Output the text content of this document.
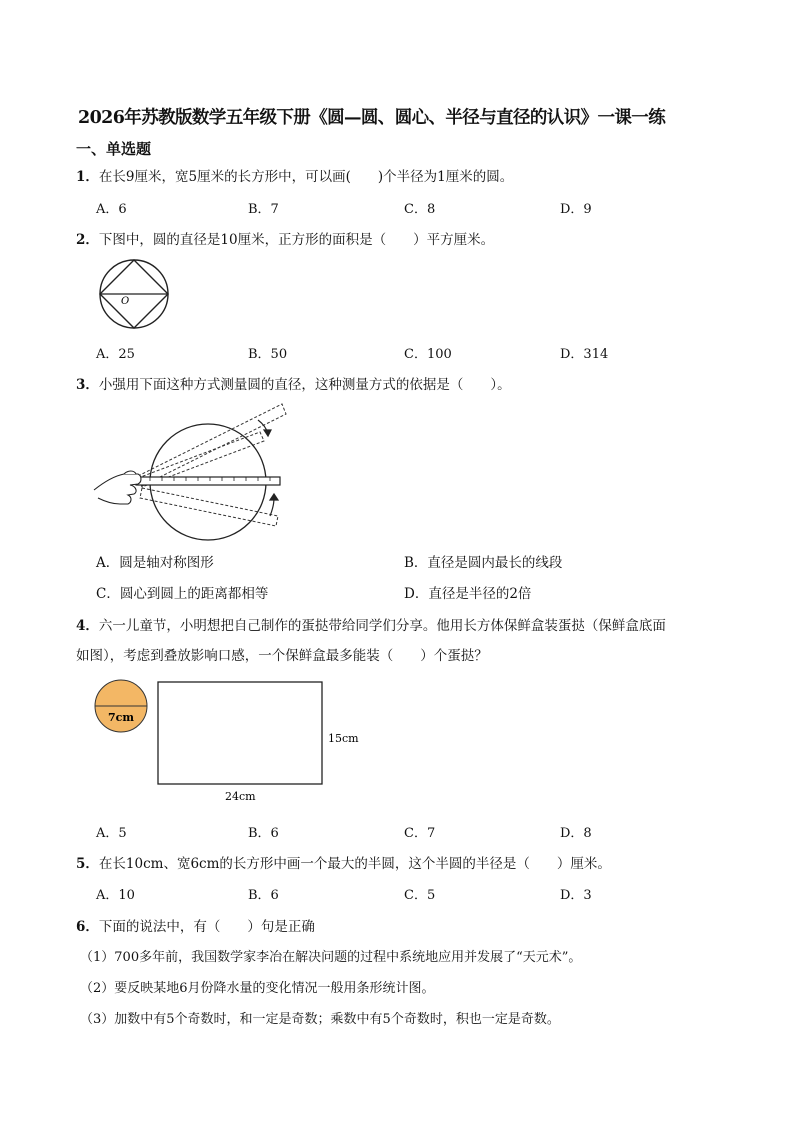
2026年苏教版数学五年级下册《圆—圆、圆心、半径与直径的认识》一课一练
一、单选题
1．在长9厘米，宽5厘米的长方形中，可以画(　　)个半径为1厘米的圆。
A．6	B．7	C．8	D．9
2．下图中，圆的直径是10厘米，正方形的面积是（　　）平方厘米。
O
A．25	B．50	C．100	D．314
3．小强用下面这种方式测量圆的直径，这种测量方式的依据是（　　）。
A．圆是轴对称图形	B．直径是圆内最长的线段
C．圆心到圆上的距离都相等	D．直径是半径的2倍
4．六一儿童节，小明想把自己制作的蛋挞带给同学们分享。他用长方体保鲜盒装蛋挞（保鲜盒底面
如图），考虑到叠放影响口感，一个保鲜盒最多能装（　　）个蛋挞？
7cm
15cm
24cm
A．5	B．6	C．7	D．8
5．在长10cm、宽6cm的长方形中画一个最大的半圆，这个半圆的半径是（　　）厘米。
A．10	B．6	C．5	D．3
6．下面的说法中，有（　　）句是正确
（1）700多年前，我国数学家李冶在解决问题的过程中系统地应用并发展了“天元术”。
（2）要反映某地6月份降水量的变化情况一般用条形统计图。
（3）加数中有5个奇数时，和一定是奇数；乘数中有5个奇数时，积也一定是奇数。
